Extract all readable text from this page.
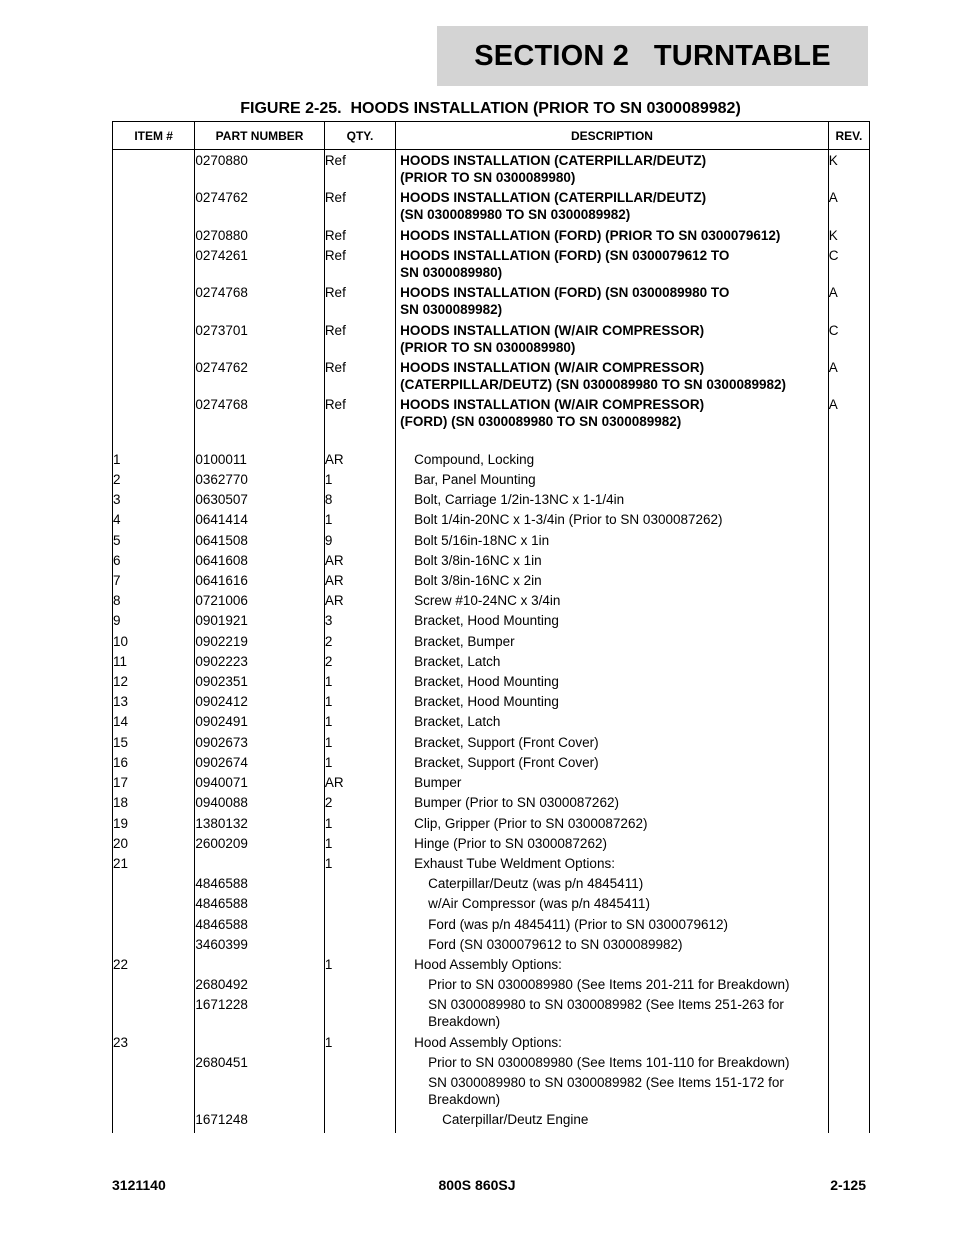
SECTION 2   TURNTABLE
FIGURE 2-25.  HOODS INSTALLATION (PRIOR TO SN 0300089982)
ITEM #	PART NUMBER	QTY.	DESCRIPTION	REV.
	0270880	Ref	HOODS INSTALLATION (CATERPILLAR/DEUTZ)
(PRIOR TO SN 0300089980)	K
	0274762	Ref	HOODS INSTALLATION (CATERPILLAR/DEUTZ)
(SN 0300089980 TO SN 0300089982)	A
	0270880	Ref	HOODS INSTALLATION (FORD) (PRIOR TO SN 0300079612)	K
	0274261	Ref	HOODS INSTALLATION (FORD) (SN 0300079612 TO
SN 0300089980)	C
	0274768	Ref	HOODS INSTALLATION (FORD) (SN 0300089980 TO
SN 0300089982)	A
	0273701	Ref	HOODS INSTALLATION (W/AIR COMPRESSOR)
(PRIOR TO SN 0300089980)	C
	0274762	Ref	HOODS INSTALLATION (W/AIR COMPRESSOR)
(CATERPILLAR/DEUTZ) (SN 0300089980 TO SN 0300089982)	A
	0274768	Ref	HOODS INSTALLATION (W/AIR COMPRESSOR)
(FORD) (SN 0300089980 TO SN 0300089982)	A

1	0100011	AR	Compound, Locking	
2	0362770	1	Bar, Panel Mounting	
3	0630507	8	Bolt, Carriage 1/2in-13NC x 1-1/4in	
4	0641414	1	Bolt 1/4in-20NC x 1-3/4in (Prior to SN 0300087262)	
5	0641508	9	Bolt 5/16in-18NC x 1in	
6	0641608	AR	Bolt 3/8in-16NC x 1in	
7	0641616	AR	Bolt 3/8in-16NC x 2in	
8	0721006	AR	Screw #10-24NC x 3/4in	
9	0901921	3	Bracket, Hood Mounting	
10	0902219	2	Bracket, Bumper	
11	0902223	2	Bracket, Latch	
12	0902351	1	Bracket, Hood Mounting	
13	0902412	1	Bracket, Hood Mounting	
14	0902491	1	Bracket, Latch	
15	0902673	1	Bracket, Support (Front Cover)	
16	0902674	1	Bracket, Support (Front Cover)	
17	0940071	AR	Bumper	
18	0940088	2	Bumper (Prior to SN 0300087262)	
19	1380132	1	Clip, Gripper (Prior to SN 0300087262)	
20	2600209	1	Hinge (Prior to SN 0300087262)	
21		1	Exhaust Tube Weldment Options:	
	4846588		Caterpillar/Deutz (was p/n 4845411)	
	4846588		w/Air Compressor (was p/n 4845411)	
	4846588		Ford (was p/n 4845411) (Prior to SN 0300079612)	
	3460399		Ford (SN 0300079612 to SN 0300089982)	
22		1	Hood Assembly Options:	
	2680492		Prior to SN 0300089980 (See Items 201-211 for Breakdown)	
	1671228		SN 0300089980 to SN 0300089982 (See Items 251-263 for
Breakdown)	
23		1	Hood Assembly Options:	
	2680451		Prior to SN 0300089980 (See Items 101-110 for Breakdown)	
			SN 0300089980 to SN 0300089982 (See Items 151-172 for
Breakdown)	
	1671248		Caterpillar/Deutz Engine	

3121140	800S 860SJ	2-125
